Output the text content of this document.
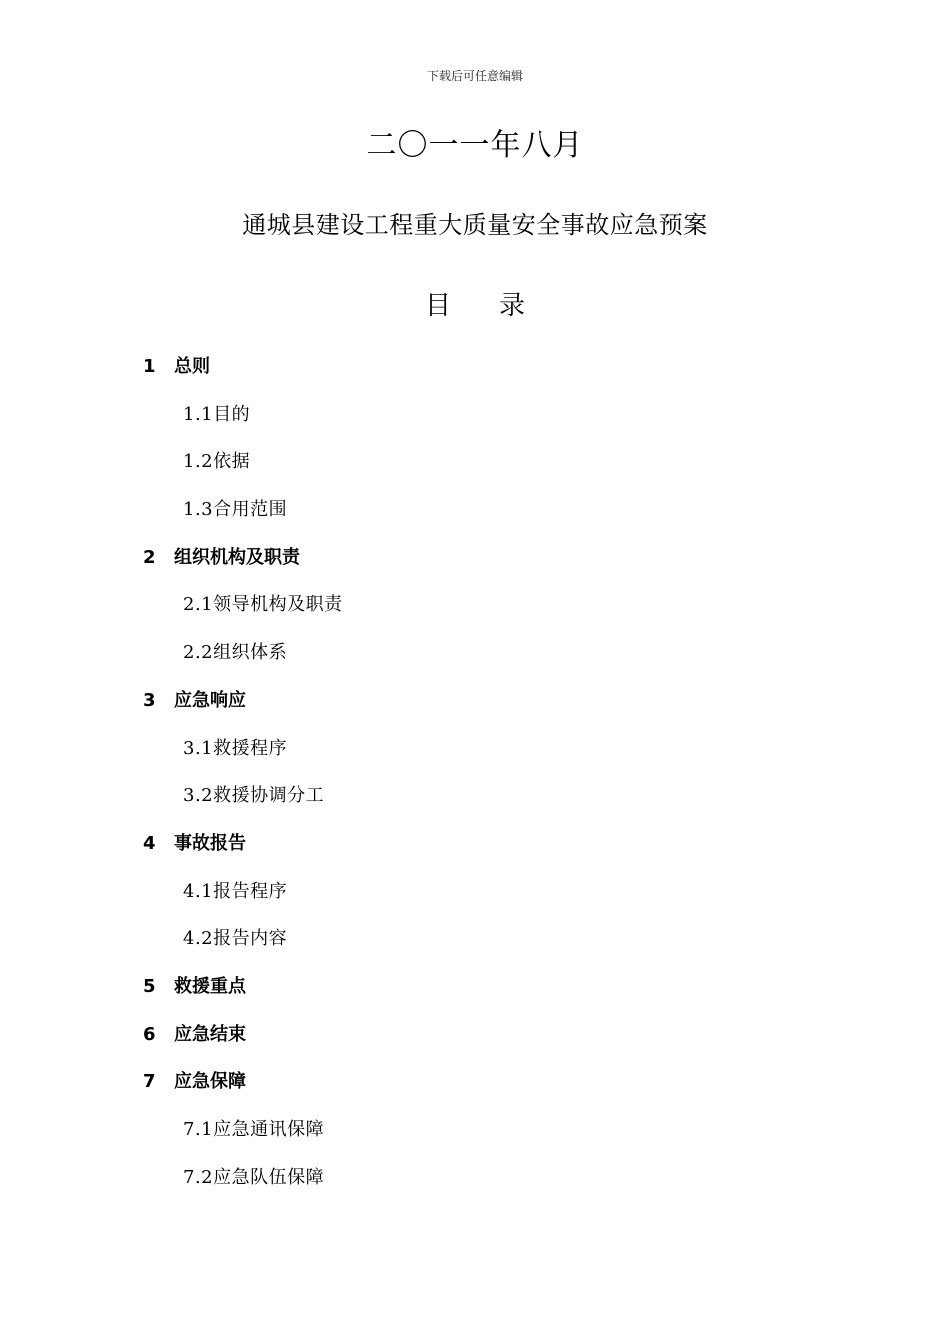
下载后可任意编辑
二〇一一年八月
通城县建设工程重大质量安全事故应急预案
目 录
1 总则
1.1目的
1.2依据
1.3合用范围
2 组织机构及职责
2.1领导机构及职责
2.2组织体系
3 应急响应
3.1救援程序
3.2救援协调分工
4 事故报告
4.1报告程序
4.2报告内容
5 救援重点
6 应急结束
7 应急保障
7.1应急通讯保障
7.2应急队伍保障
